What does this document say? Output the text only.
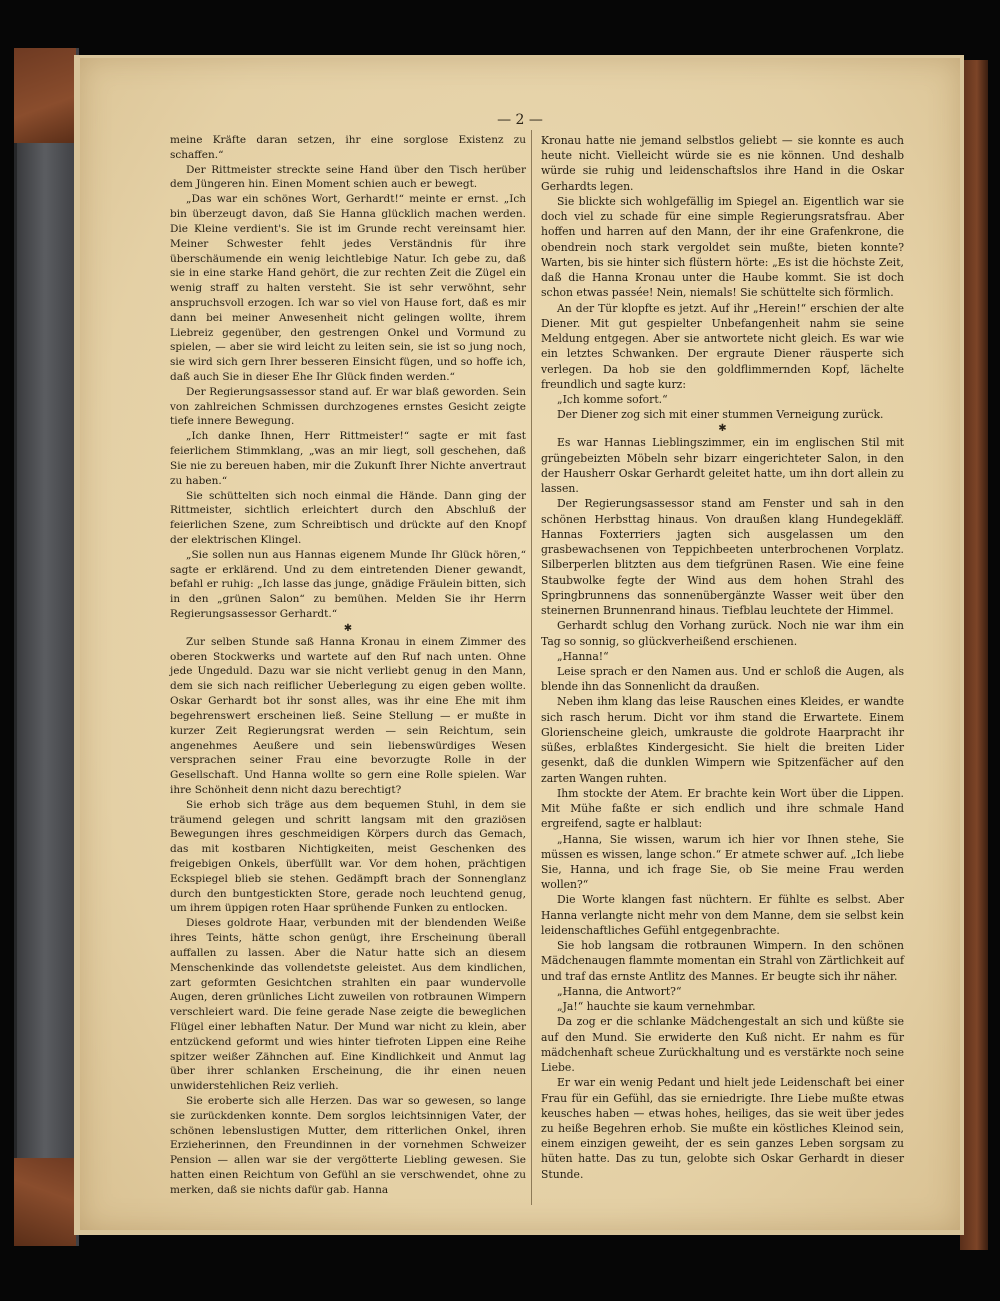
— 2 —

meine Kräfte daran setzen, ihr eine sorglose Existenz zu schaffen.“

Der Rittmeister streckte seine Hand über den Tisch herüber dem Jüngeren hin. Einen Moment schien auch er bewegt.

„Das war ein schönes Wort, Gerhardt!“ meinte er ernst. „Ich bin überzeugt davon, daß Sie Hanna glücklich machen werden. Die Kleine verdient's. Sie ist im Grunde recht vereinsamt hier. Meiner Schwester fehlt jedes Verständnis für ihre überschäumende ein wenig leichtlebige Natur. Ich gebe zu, daß sie in eine starke Hand gehört, die zur rechten Zeit die Zügel ein wenig straff zu halten versteht. Sie ist sehr verwöhnt, sehr anspruchsvoll erzogen. Ich war so viel von Hause fort, daß es mir dann bei meiner Anwesenheit nicht gelingen wollte, ihrem Liebreiz gegenüber, den gestrengen Onkel und Vormund zu spielen, — aber sie wird leicht zu leiten sein, sie ist so jung noch, sie wird sich gern Ihrer besseren Einsicht fügen, und so hoffe ich, daß auch Sie in dieser Ehe Ihr Glück finden werden.“

Der Regierungsassessor stand auf. Er war blaß geworden. Sein von zahlreichen Schmissen durchzogenes ernstes Gesicht zeigte tiefe innere Bewegung.

„Ich danke Ihnen, Herr Rittmeister!“ sagte er mit fast feierlichem Stimmklang, „was an mir liegt, soll geschehen, daß Sie nie zu bereuen haben, mir die Zukunft Ihrer Nichte anvertraut zu haben.“

Sie schüttelten sich noch einmal die Hände. Dann ging der Rittmeister, sichtlich erleichtert durch den Abschluß der feierlichen Szene, zum Schreibtisch und drückte auf den Knopf der elektrischen Klingel.

„Sie sollen nun aus Hannas eigenem Munde Ihr Glück hören,“ sagte er erklärend. Und zu dem eintretenden Diener gewandt, befahl er ruhig: „Ich lasse das junge, gnädige Fräulein bitten, sich in den „grünen Salon“ zu bemühen. Melden Sie ihr Herrn Regierungsassessor Gerhardt.“

✱

Zur selben Stunde saß Hanna Kronau in einem Zimmer des oberen Stockwerks und wartete auf den Ruf nach unten. Ohne jede Ungeduld. Dazu war sie nicht verliebt genug in den Mann, dem sie sich nach reiflicher Ueberlegung zu eigen geben wollte. Oskar Gerhardt bot ihr sonst alles, was ihr eine Ehe mit ihm begehrenswert erscheinen ließ. Seine Stellung — er mußte in kurzer Zeit Regierungsrat werden — sein Reichtum, sein angenehmes Aeußere und sein liebenswürdiges Wesen versprachen seiner Frau eine bevorzugte Rolle in der Gesellschaft. Und Hanna wollte so gern eine Rolle spielen. War ihre Schönheit denn nicht dazu berechtigt?

Sie erhob sich träge aus dem bequemen Stuhl, in dem sie träumend gelegen und schritt langsam mit den graziösen Bewegungen ihres geschmeidigen Körpers durch das Gemach, das mit kostbaren Nichtigkeiten, meist Geschenken des freigebigen Onkels, überfüllt war. Vor dem hohen, prächtigen Eckspiegel blieb sie stehen. Gedämpft brach der Sonnenglanz durch den buntgestickten Store, gerade noch leuchtend genug, um ihrem üppigen roten Haar sprühende Funken zu entlocken.

Dieses goldrote Haar, verbunden mit der blendenden Weiße ihres Teints, hätte schon genügt, ihre Erscheinung überall auffallen zu lassen. Aber die Natur hatte sich an diesem Menschenkinde das vollendetste geleistet. Aus dem kindlichen, zart geformten Gesichtchen strahlten ein paar wundervolle Augen, deren grünliches Licht zuweilen von rotbraunen Wimpern verschleiert ward. Die feine gerade Nase zeigte die beweglichen Flügel einer lebhaften Natur. Der Mund war nicht zu klein, aber entzückend geformt und wies hinter tiefroten Lippen eine Reihe spitzer weißer Zähnchen auf. Eine Kindlichkeit und Anmut lag über ihrer schlanken Erscheinung, die ihr einen neuen unwiderstehlichen Reiz verlieh.

Sie eroberte sich alle Herzen. Das war so gewesen, so lange sie zurückdenken konnte. Dem sorglos leichtsinnigen Vater, der schönen lebenslustigen Mutter, dem ritterlichen Onkel, ihren Erzieherinnen, den Freundinnen in der vornehmen Schweizer Pension — allen war sie der vergötterte Liebling gewesen. Sie hatten einen Reichtum von Gefühl an sie verschwendet, ohne zu merken, daß sie nichts dafür gab. Hanna

Kronau hatte nie jemand selbstlos geliebt — sie konnte es auch heute nicht. Vielleicht würde sie es nie können. Und deshalb würde sie ruhig und leidenschaftslos ihre Hand in die Oskar Gerhardts legen.

Sie blickte sich wohlgefällig im Spiegel an. Eigentlich war sie doch viel zu schade für eine simple Regierungsratsfrau. Aber hoffen und harren auf den Mann, der ihr eine Grafenkrone, die obendrein noch stark vergoldet sein mußte, bieten konnte? Warten, bis sie hinter sich flüstern hörte: „Es ist die höchste Zeit, daß die Hanna Kronau unter die Haube kommt. Sie ist doch schon etwas passée! Nein, niemals! Sie schüttelte sich förmlich.

An der Tür klopfte es jetzt. Auf ihr „Herein!“ erschien der alte Diener. Mit gut gespielter Unbefangenheit nahm sie seine Meldung entgegen. Aber sie antwortete nicht gleich. Es war wie ein letztes Schwanken. Der ergraute Diener räusperte sich verlegen. Da hob sie den goldflimmernden Kopf, lächelte freundlich und sagte kurz:

„Ich komme sofort.“

Der Diener zog sich mit einer stummen Verneigung zurück.

✱

Es war Hannas Lieblingszimmer, ein im englischen Stil mit grüngebeizten Möbeln sehr bizarr eingerichteter Salon, in den der Hausherr Oskar Gerhardt geleitet hatte, um ihn dort allein zu lassen.

Der Regierungsassessor stand am Fenster und sah in den schönen Herbsttag hinaus. Von draußen klang Hundegekläff. Hannas Foxterriers jagten sich ausgelassen um den grasbewachsenen von Teppichbeeten unterbrochenen Vorplatz. Silberperlen blitzten aus dem tiefgrünen Rasen. Wie eine feine Staubwolke fegte der Wind aus dem hohen Strahl des Springbrunnens das sonnenübergänzte Wasser weit über den steinernen Brunnenrand hinaus. Tiefblau leuchtete der Himmel.

Gerhardt schlug den Vorhang zurück. Noch nie war ihm ein Tag so sonnig, so glückverheißend erschienen.

„Hanna!“

Leise sprach er den Namen aus. Und er schloß die Augen, als blende ihn das Sonnenlicht da draußen.

Neben ihm klang das leise Rauschen eines Kleides, er wandte sich rasch herum. Dicht vor ihm stand die Erwartete. Einem Glorienscheine gleich, umkrauste die goldrote Haarpracht ihr süßes, erblaßtes Kindergesicht. Sie hielt die breiten Lider gesenkt, daß die dunklen Wimpern wie Spitzenfächer auf den zarten Wangen ruhten.

Ihm stockte der Atem. Er brachte kein Wort über die Lippen. Mit Mühe faßte er sich endlich und ihre schmale Hand ergreifend, sagte er halblaut:

„Hanna, Sie wissen, warum ich hier vor Ihnen stehe, Sie müssen es wissen, lange schon.“ Er atmete schwer auf. „Ich liebe Sie, Hanna, und ich frage Sie, ob Sie meine Frau werden wollen?“

Die Worte klangen fast nüchtern. Er fühlte es selbst. Aber Hanna verlangte nicht mehr von dem Manne, dem sie selbst kein leidenschaftliches Gefühl entgegenbrachte.

Sie hob langsam die rotbraunen Wimpern. In den schönen Mädchenaugen flammte momentan ein Strahl von Zärtlichkeit auf und traf das ernste Antlitz des Mannes. Er beugte sich ihr näher.

„Hanna, die Antwort?“

„Ja!“ hauchte sie kaum vernehmbar.

Da zog er die schlanke Mädchengestalt an sich und küßte sie auf den Mund. Sie erwiderte den Kuß nicht. Er nahm es für mädchenhaft scheue Zurückhaltung und es verstärkte noch seine Liebe.

Er war ein wenig Pedant und hielt jede Leidenschaft bei einer Frau für ein Gefühl, das sie erniedrigte. Ihre Liebe mußte etwas keusches haben — etwas hohes, heiliges, das sie weit über jedes zu heiße Begehren erhob. Sie mußte ein köstliches Kleinod sein, einem einzigen geweiht, der es sein ganzes Leben sorgsam zu hüten hatte. Das zu tun, gelobte sich Oskar Gerhardt in dieser Stunde.
